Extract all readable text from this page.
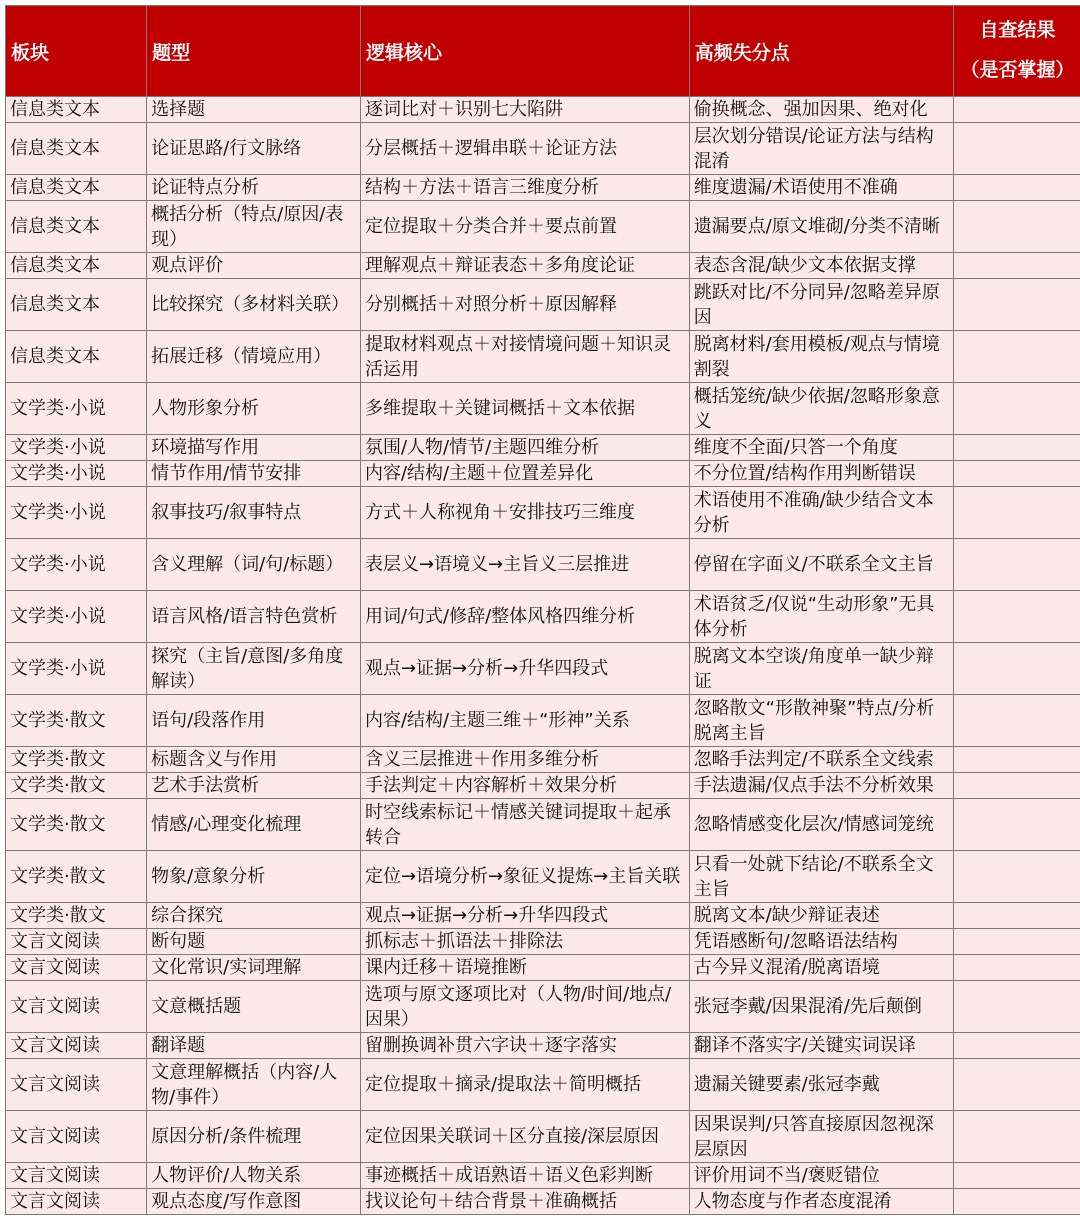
板块	题型	逻辑核心	高频失分点	自查结果
（是否掌握）

信息类文本	选择题	逐词比对＋识别七大陷阱	偷换概念、强加因果、绝对化	
信息类文本	论证思路/行文脉络	分层概括＋逻辑串联＋论证方法	层次划分错误/论证方法与结构混淆	
信息类文本	论证特点分析	结构＋方法＋语言三维度分析	维度遗漏/术语使用不准确	
信息类文本	概括分析（特点/原因/表现）	定位提取＋分类合并＋要点前置	遗漏要点/原文堆砌/分类不清晰	
信息类文本	观点评价	理解观点＋辩证表态＋多角度论证	表态含混/缺少文本依据支撑	
信息类文本	比较探究（多材料关联）	分别概括＋对照分析＋原因解释	跳跃对比/不分同异/忽略差异原因	
信息类文本	拓展迁移（情境应用）	提取材料观点＋对接情境问题＋知识灵活运用	脱离材料/套用模板/观点与情境割裂	
文学类·小说	人物形象分析	多维提取＋关键词概括＋文本依据	概括笼统/缺少依据/忽略形象意义	
文学类·小说	环境描写作用	氛围/人物/情节/主题四维分析	维度不全面/只答一个角度	
文学类·小说	情节作用/情节安排	内容/结构/主题＋位置差异化	不分位置/结构作用判断错误	
文学类·小说	叙事技巧/叙事特点	方式＋人称视角＋安排技巧三维度	术语使用不准确/缺少结合文本分析	
文学类·小说	含义理解（词/句/标题）	表层义→语境义→主旨义三层推进	停留在字面义/不联系全文主旨	
文学类·小说	语言风格/语言特色赏析	用词/句式/修辞/整体风格四维分析	术语贫乏/仅说“生动形象”无具体分析	
文学类·小说	探究（主旨/意图/多角度解读）	观点→证据→分析→升华四段式	脱离文本空谈/角度单一缺少辩证	
文学类·散文	语句/段落作用	内容/结构/主题三维＋“形神”关系	忽略散文“形散神聚”特点/分析脱离主旨	
文学类·散文	标题含义与作用	含义三层推进＋作用多维分析	忽略手法判定/不联系全文线索	
文学类·散文	艺术手法赏析	手法判定＋内容解析＋效果分析	手法遗漏/仅点手法不分析效果	
文学类·散文	情感/心理变化梳理	时空线索标记＋情感关键词提取＋起承转合	忽略情感变化层次/情感词笼统	
文学类·散文	物象/意象分析	定位→语境分析→象征义提炼→主旨关联	只看一处就下结论/不联系全文主旨	
文学类·散文	综合探究	观点→证据→分析→升华四段式	脱离文本/缺少辩证表述	
文言文阅读	断句题	抓标志＋抓语法＋排除法	凭语感断句/忽略语法结构	
文言文阅读	文化常识/实词理解	课内迁移＋语境推断	古今异义混淆/脱离语境	
文言文阅读	文意概括题	选项与原文逐项比对（人物/时间/地点/因果）	张冠李戴/因果混淆/先后颠倒	
文言文阅读	翻译题	留删换调补贯六字诀＋逐字落实	翻译不落实字/关键实词误译	
文言文阅读	文意理解概括（内容/人物/事件）	定位提取＋摘录/提取法＋简明概括	遗漏关键要素/张冠李戴	
文言文阅读	原因分析/条件梳理	定位因果关联词＋区分直接/深层原因	因果误判/只答直接原因忽视深层原因	
文言文阅读	人物评价/人物关系	事迹概括＋成语熟语＋语义色彩判断	评价用词不当/褒贬错位	
文言文阅读	观点态度/写作意图	找议论句＋结合背景＋准确概括	人物态度与作者态度混淆	
